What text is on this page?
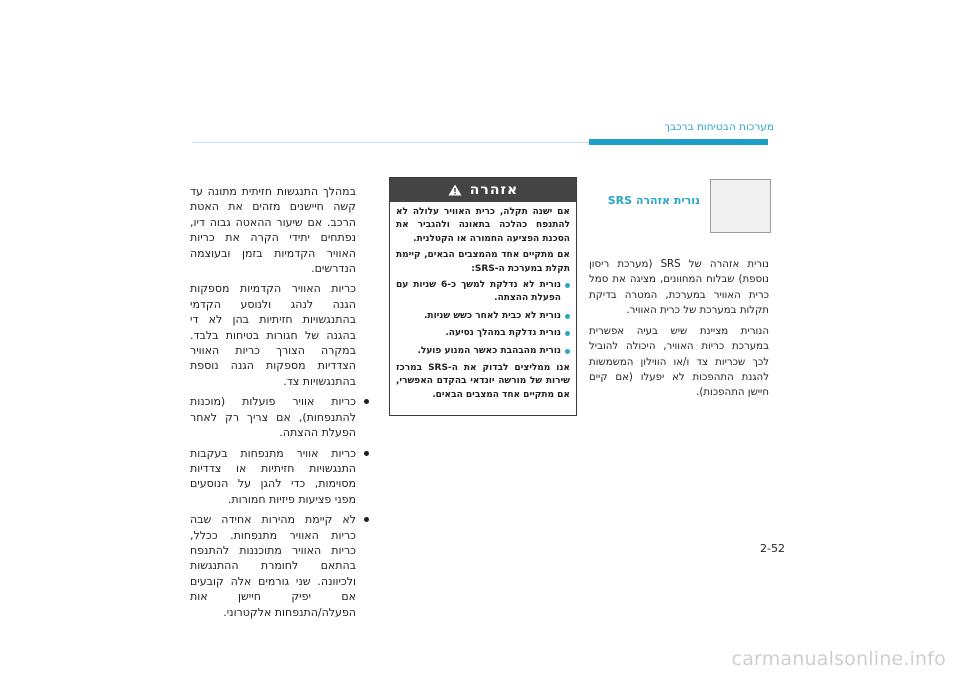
מערכות הבטיחות ברכבך

במהלך התנגשות חזיתית מתונה עד קשה חיישנים מזהים את האטת הרכב. אם שיעור ההאטה גבוה דיו, נפתחים יתידי הקרה את כריות האוויר הקדמיות בזמן ובעוצמה הנדרשים.

כריות האוויר הקדמיות מספקות הגנה לנהג ולנוסע הקדמי בהתנגשויות חזיתיות בהן לא די בהגנה של חגורות בטיחות בלבד. במקרה הצורך כריות האוויר הצדדיות מספקות הגנה נוספת בהתנגשויות צד.

כריות אוויר פועלות (מוכנות להתנפחות), אם צריך רק לאחר הפעלת ההצתה.
כריות אוויר מתנפחות בעקבות התנגשויות חזיתיות או צדדיות מסוימות, כדי להגן על הנוסעים מפני פציעות פיזיות חמורות.
לא קיימת מהירות אחידה שבה כריות האוויר מתנפחות. ככלל, כריות האוויר מתוכננות להתנפח בהתאם לחומרת ההתנגשות ולכיוונה. שני גורמים אלה קובעים אם יפיק חיישן אות הפעלה/התנפחות אלקטרוני.
אזהרה

אם ישנה תקלה, כרית האוויר עלולה לא להתנפח כהלכה בתאונה ולהגביר את הסכנת הפציעה החמורה או הקטלנית.

אם מתקיים אחד מהמצבים הבאים, קיימת תקלת במערכת ה-SRS:

נורית לא נדלקת למשך כ-6 שניות עם הפעלת ההצתה.
נורית לא כבית לאחר כשש שניות.
נורית נדלקת במהלך נסיעה.
נורית מהבהבת כאשר המנוע פועל.

אנו ממליצים לבדוק את ה-SRS במרכז שירות של מורשה יונדאי בהקדם האפשרי, אם מתקיים אחד המצבים הבאים.

נורית אזהרה SRS

נורית אזהרה של SRS (מערכת ריסון נוספת) שבלוח המחוונים, מציגה את סמל כרית האוויר במערכת, המטרה בדיקת תקלות במערכת של כרית האוויר.

הנורית מציינת שיש בעיה אפשרית במערכת כריות האוויר, היכולה להוביל לכך שכריות צד ו/או הווילון המשמשות להגנת התהפכות לא יפעלו (אם קיים חיישן התהפכות).

2-52
carmanualsonline.info
